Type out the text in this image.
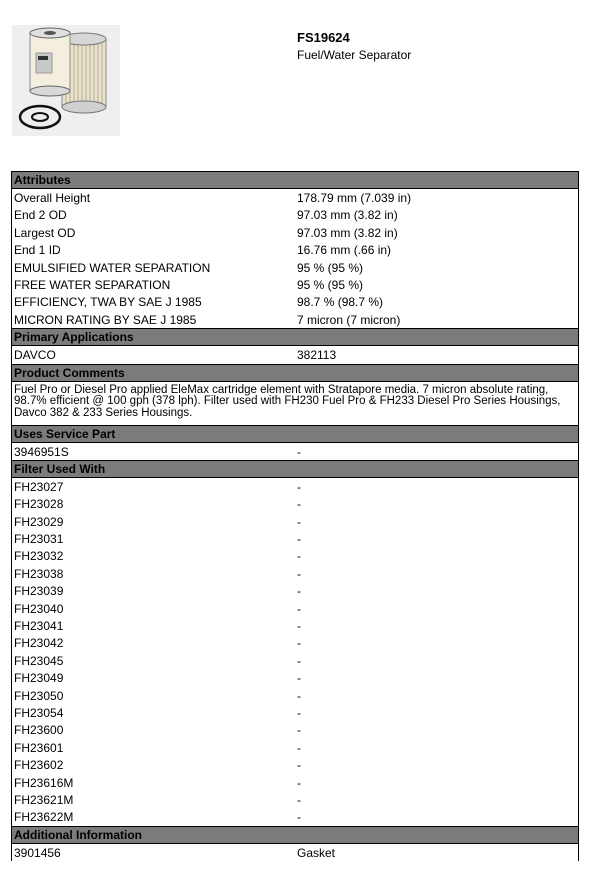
FS19624
Fuel/Water Separator
Attributes
Overall Height	178.79 mm (7.039 in)
End 2 OD	97.03 mm (3.82 in)
Largest OD	97.03 mm (3.82 in)
End 1 ID	16.76 mm (.66 in)
EMULSIFIED WATER SEPARATION	95 % (95 %)
FREE WATER SEPARATION	95 % (95 %)
EFFICIENCY, TWA BY SAE J 1985	98.7 % (98.7 %)
MICRON RATING BY SAE J 1985	7 micron (7 micron)
Primary Applications
DAVCO	382113
Product Comments
Fuel Pro or Diesel Pro applied EleMax cartridge element with Stratapore media. 7 micron absolute rating, 98.7% efficient @ 100 gph (378 lph). Filter used with FH230 Fuel Pro & FH233 Diesel Pro Series Housings, Davco 382 & 233 Series Housings.
Uses Service Part
3946951S	-
Filter Used With
FH23027	-
FH23028	-
FH23029	-
FH23031	-
FH23032	-
FH23038	-
FH23039	-
FH23040	-
FH23041	-
FH23042	-
FH23045	-
FH23049	-
FH23050	-
FH23054	-
FH23600	-
FH23601	-
FH23602	-
FH23616M	-
FH23621M	-
FH23622M	-
Additional Information
3901456	Gasket
